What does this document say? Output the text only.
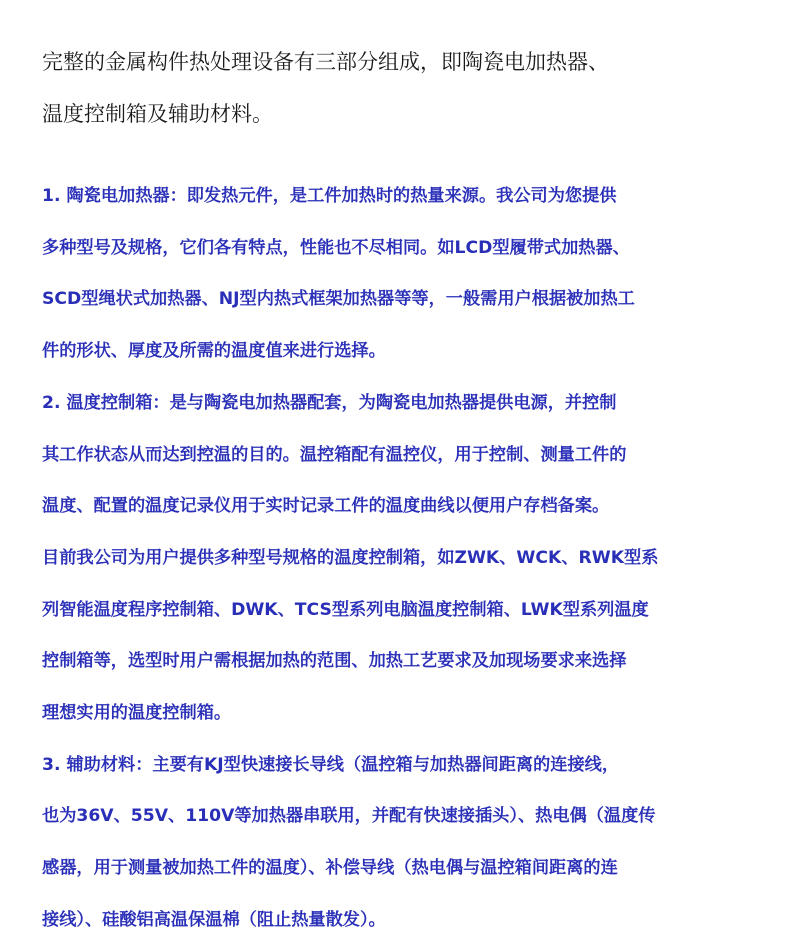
完整的金属构件热处理设备有三部分组成，即陶瓷电加热器、
温度控制箱及辅助材料。
1. 陶瓷电加热器：即发热元件，是工件加热时的热量来源。我公司为您提供
多种型号及规格，它们各有特点，性能也不尽相同。如LCD型履带式加热器、
SCD型绳状式加热器、NJ型内热式框架加热器等等，一般需用户根据被加热工
件的形状、厚度及所需的温度值来进行选择。
2. 温度控制箱：是与陶瓷电加热器配套，为陶瓷电加热器提供电源，并控制
其工作状态从而达到控温的目的。温控箱配有温控仪，用于控制、测量工件的
温度、配置的温度记录仪用于实时记录工件的温度曲线以便用户存档备案。
目前我公司为用户提供多种型号规格的温度控制箱，如ZWK、WCK、RWK型系
列智能温度程序控制箱、DWK、TCS型系列电脑温度控制箱、LWK型系列温度
控制箱等，选型时用户需根据加热的范围、加热工艺要求及加现场要求来选择
理想实用的温度控制箱。
3. 辅助材料：主要有KJ型快速接长导线（温控箱与加热器间距离的连接线，
也为36V、55V、110V等加热器串联用，并配有快速接插头）、热电偶（温度传
感器，用于测量被加热工件的温度）、补偿导线（热电偶与温控箱间距离的连
接线）、硅酸铝高温保温棉（阻止热量散发）。
